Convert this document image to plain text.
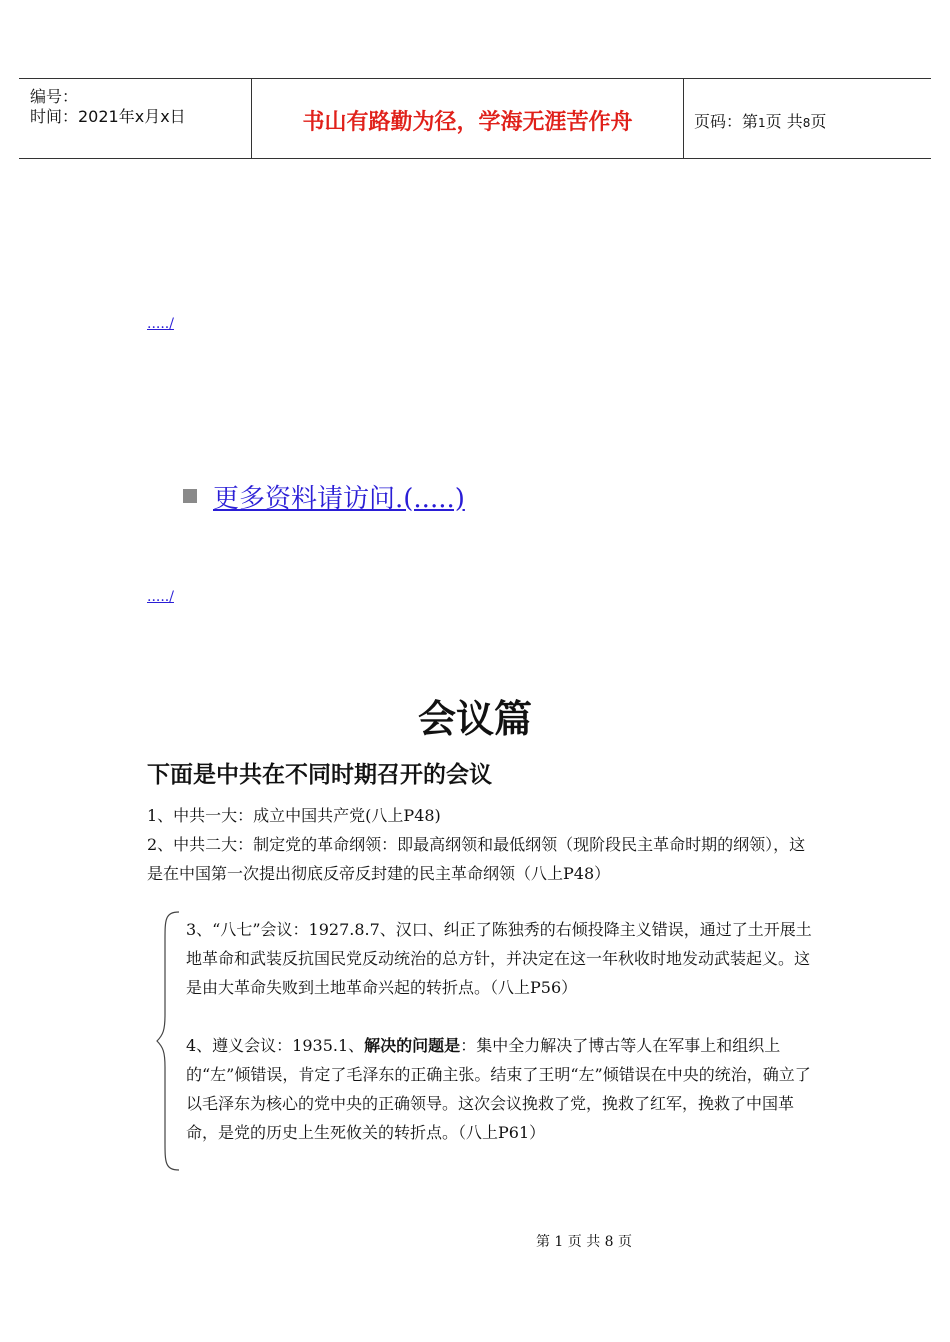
编号：
时间：2021年x月x日	书山有路勤为径，学海无涯苦作舟	页码：第1页 共8页
...../
更多资料请访问.(.....)
...../
会议篇
下面是中共在不同时期召开的会议

1、中共一大：成立中国共产党(八上P48)

2、中共二大：制定党的革命纲领：即最高纲领和最低纲领（现阶段民主革命时期的纲领），这是在中国第一次提出彻底反帝反封建的民主革命纲领（八上P48）

3、“八七”会议：1927.8.7、汉口、纠正了陈独秀的右倾投降主义错误，通过了土开展土地革命和武装反抗国民党反动统治的总方针，并决定在这一年秋收时地发动武装起义。这是由大革命失败到土地革命兴起的转折点。（八上P56）

4、遵义会议：1935.1、解决的问题是：集中全力解决了博古等人在军事上和组织上的“左”倾错误，肯定了毛泽东的正确主张。结束了王明“左”倾错误在中央的统治，确立了以毛泽东为核心的党中央的正确领导。这次会议挽救了党，挽救了红军，挽救了中国革命，是党的历史上生死攸关的转折点。（八上P61）

第 1 页 共 8 页
